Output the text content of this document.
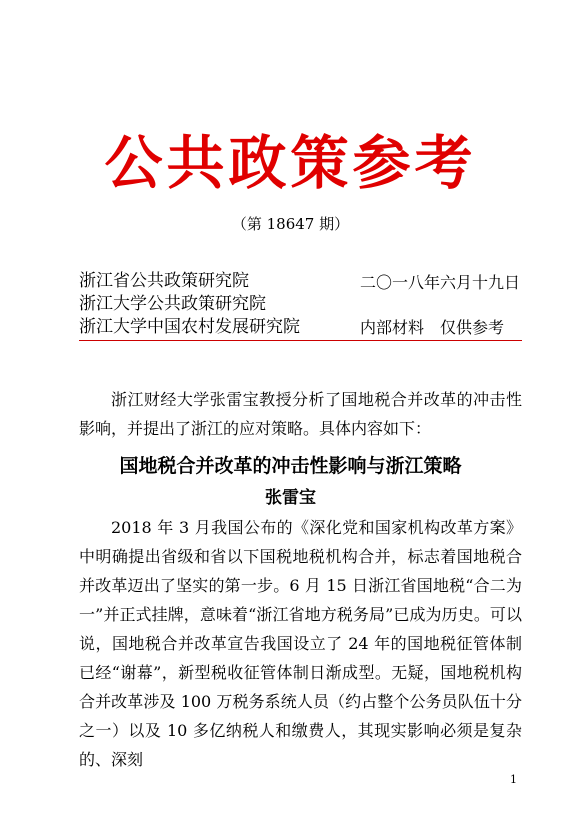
公共政策参考
（第 18647 期）
浙江省公共政策研究院
浙江大学公共政策研究院
浙江大学中国农村发展研究院
二〇一八年六月十九日
内部材料　仅供参考

浙江财经大学张雷宝教授分析了国地税合并改革的冲击性影响，并提出了浙江的应对策略。具体内容如下：

国地税合并改革的冲击性影响与浙江策略
张雷宝

2018 年 3 月我国公布的《深化党和国家机构改革方案》中明确提出省级和省以下国税地税机构合并，标志着国地税合并改革迈出了坚实的第一步。6 月 15 日浙江省国地税“合二为一”并正式挂牌，意味着“浙江省地方税务局”已成为历史。可以说，国地税合并改革宣告我国设立了 24 年的国地税征管体制已经“谢幕”，新型税收征管体制日渐成型。无疑，国地税机构合并改革涉及 100 万税务系统人员（约占整个公务员队伍十分之一）以及 10 多亿纳税人和缴费人，其现实影响必须是复杂的、深刻

1
